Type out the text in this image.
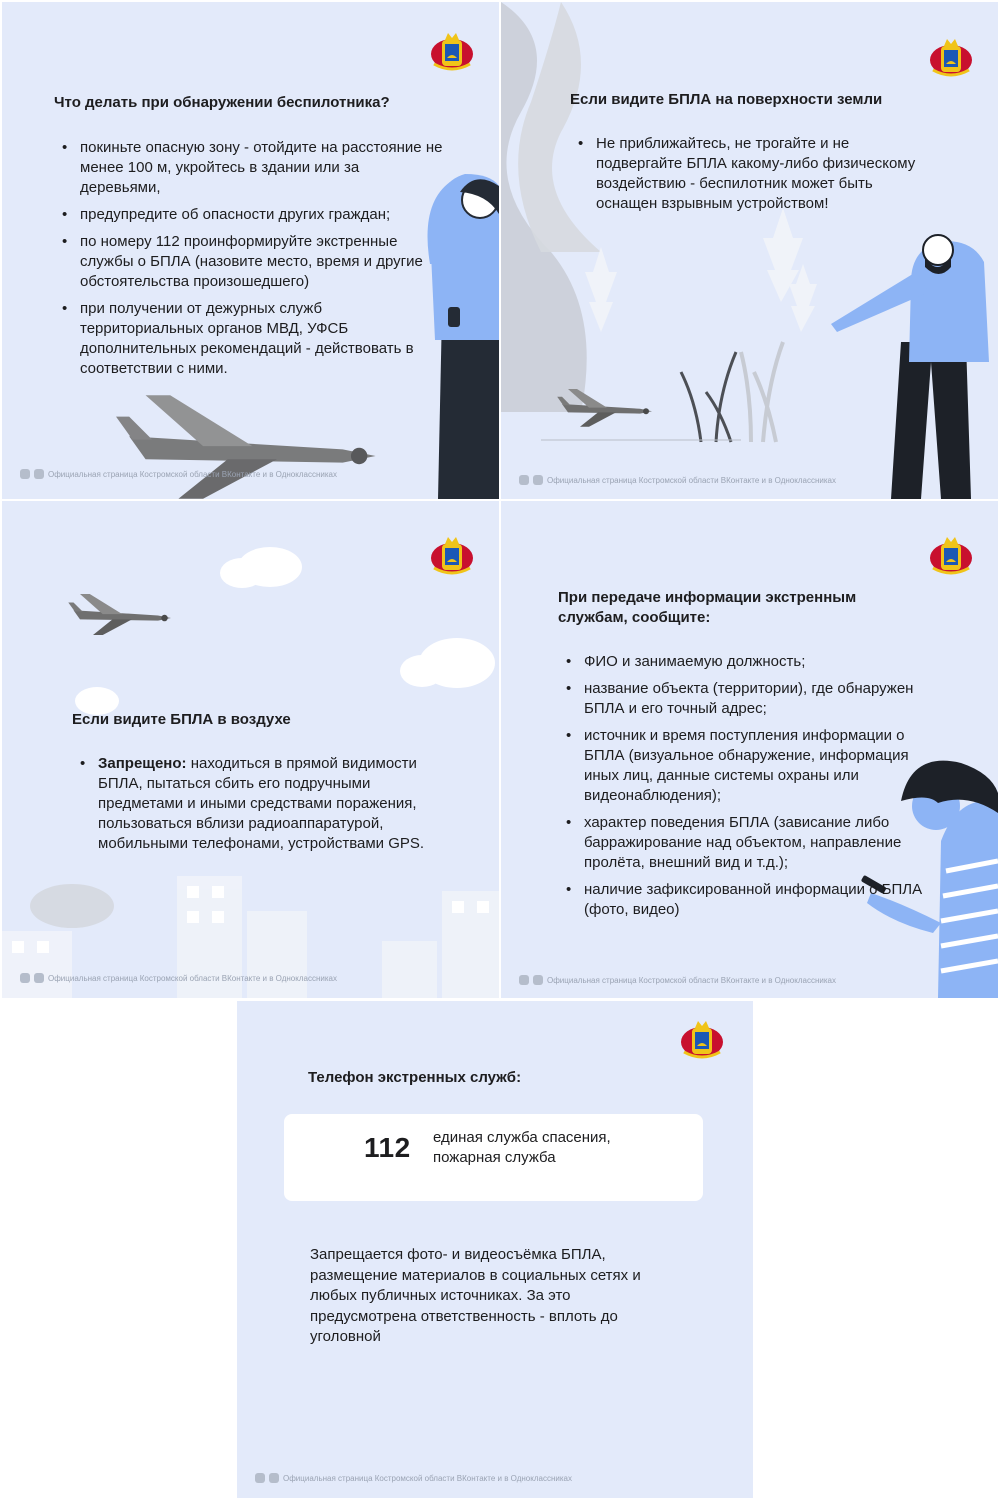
Что делать при обнаружении беспилотника?
• покиньте опасную зону - отойдите на расстояние не менее 100 м, укройтесь в здании или за деревьями,
• предупредите об опасности других граждан;
• по номеру 112 проинформируйте экстренные службы о БПЛА (назовите место, время и другие обстоятельства произошедшего)
• при получении от дежурных служб территориальных органов МВД, УФСБ дополнительных рекомендаций - действовать в соответствии с ними.
Официальная страница Костромской области ВКонтакте и в Одноклассниках
Если видите БПЛА на поверхности земли
• Не приближайтесь, не трогайте и не подвергайте БПЛА какому-либо физическому воздействию - беспилотник может быть оснащен взрывным устройством!
Официальная страница Костромской области ВКонтакте и в Одноклассниках
Если видите БПЛА в воздухе
• Запрещено: находиться в прямой видимости БПЛА, пытаться сбить его подручными предметами и иными средствами поражения, пользоваться вблизи радиоаппаратурой, мобильными телефонами, устройствами GPS.
Официальная страница Костромской области ВКонтакте и в Одноклассниках
При передаче информации экстренным службам, сообщите:
• ФИО и занимаемую должность;
• название объекта (территории), где обнаружен БПЛА и его точный адрес;
• источник и время поступления информации о БПЛА (визуальное обнаружение, информация иных лиц, данные системы охраны или видеонаблюдения);
• характер поведения БПЛА (зависание либо барражирование над объектом, направление пролёта, внешний вид и т.д.);
• наличие зафиксированной информации о БПЛА (фото, видео)
Официальная страница Костромской области ВКонтакте и в Одноклассниках
Телефон экстренных служб:
112 единая служба спасения, пожарная служба

Запрещается фото- и видеосъёмка БПЛА, размещение материалов в социальных сетях и любых публичных источниках. За это предусмотрена ответственность - вплоть до уголовной

Официальная страница Костромской области ВКонтакте и в Одноклассниках
